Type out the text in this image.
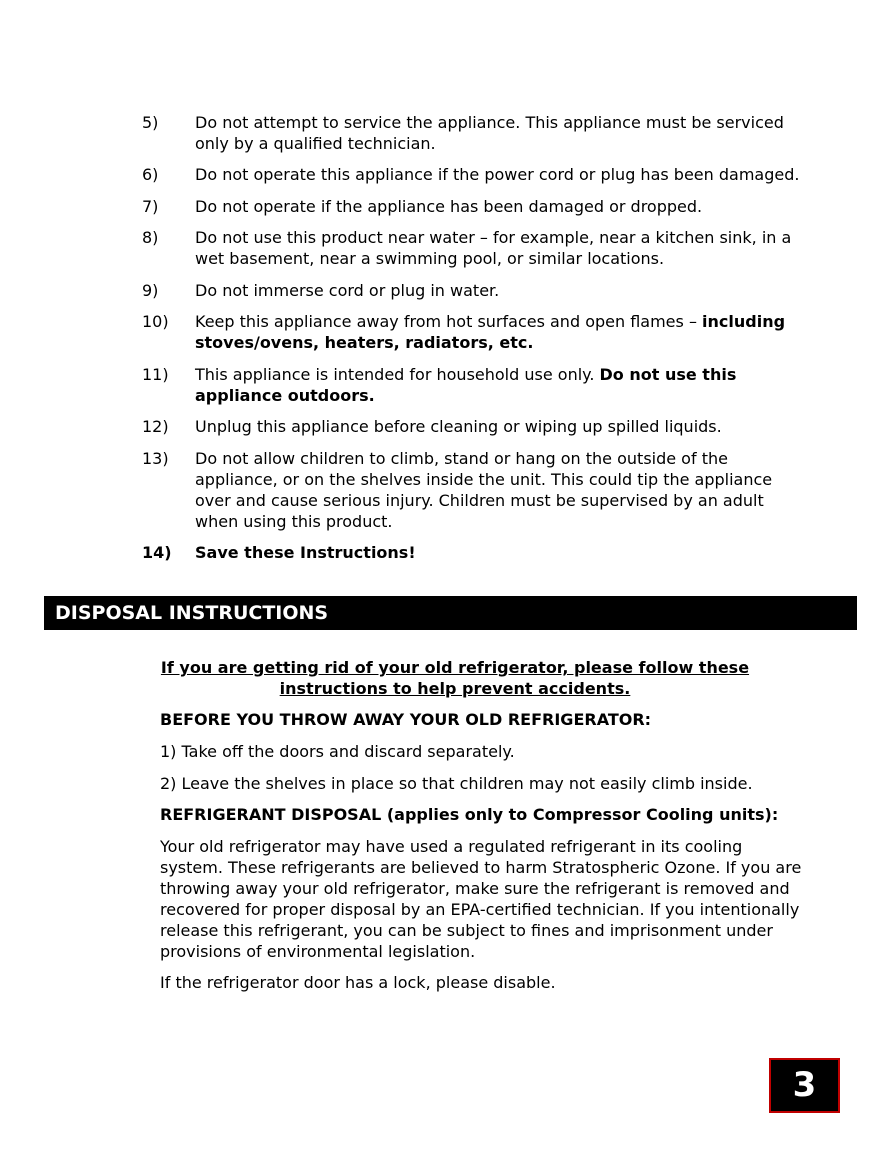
5)	Do not attempt to service the appliance. This appliance must be serviced only by a qualified technician.
6)	Do not operate this appliance if the power cord or plug has been damaged.
7)	Do not operate if the appliance has been damaged or dropped.
8)	Do not use this product near water – for example, near a kitchen sink, in a wet basement, near a swimming pool, or similar locations.
9)	Do not immerse cord or plug in water.
10)	Keep this appliance away from hot surfaces and open flames – including stoves/ovens, heaters, radiators, etc.
11)	This appliance is intended for household use only. Do not use this appliance outdoors.
12)	Unplug this appliance before cleaning or wiping up spilled liquids.
13)	Do not allow children to climb, stand or hang on the outside of the appliance, or on the shelves inside the unit. This could tip the appliance over and cause serious injury. Children must be supervised by an adult when using this product.
14)	Save these Instructions!
DISPOSAL INSTRUCTIONS
If you are getting rid of your old refrigerator, please follow these instructions to help prevent accidents.
BEFORE YOU THROW AWAY YOUR OLD REFRIGERATOR:
1) Take off the doors and discard separately.
2) Leave the shelves in place so that children may not easily climb inside.
REFRIGERANT DISPOSAL (applies only to Compressor Cooling units):
Your old refrigerator may have used a regulated refrigerant in its cooling system. These refrigerants are believed to harm Stratospheric Ozone. If you are throwing away your old refrigerator, make sure the refrigerant is removed and recovered for proper disposal by an EPA-certified technician. If you intentionally release this refrigerant, you can be subject to fines and imprisonment under provisions of environmental legislation.
If the refrigerator door has a lock, please disable.
3
